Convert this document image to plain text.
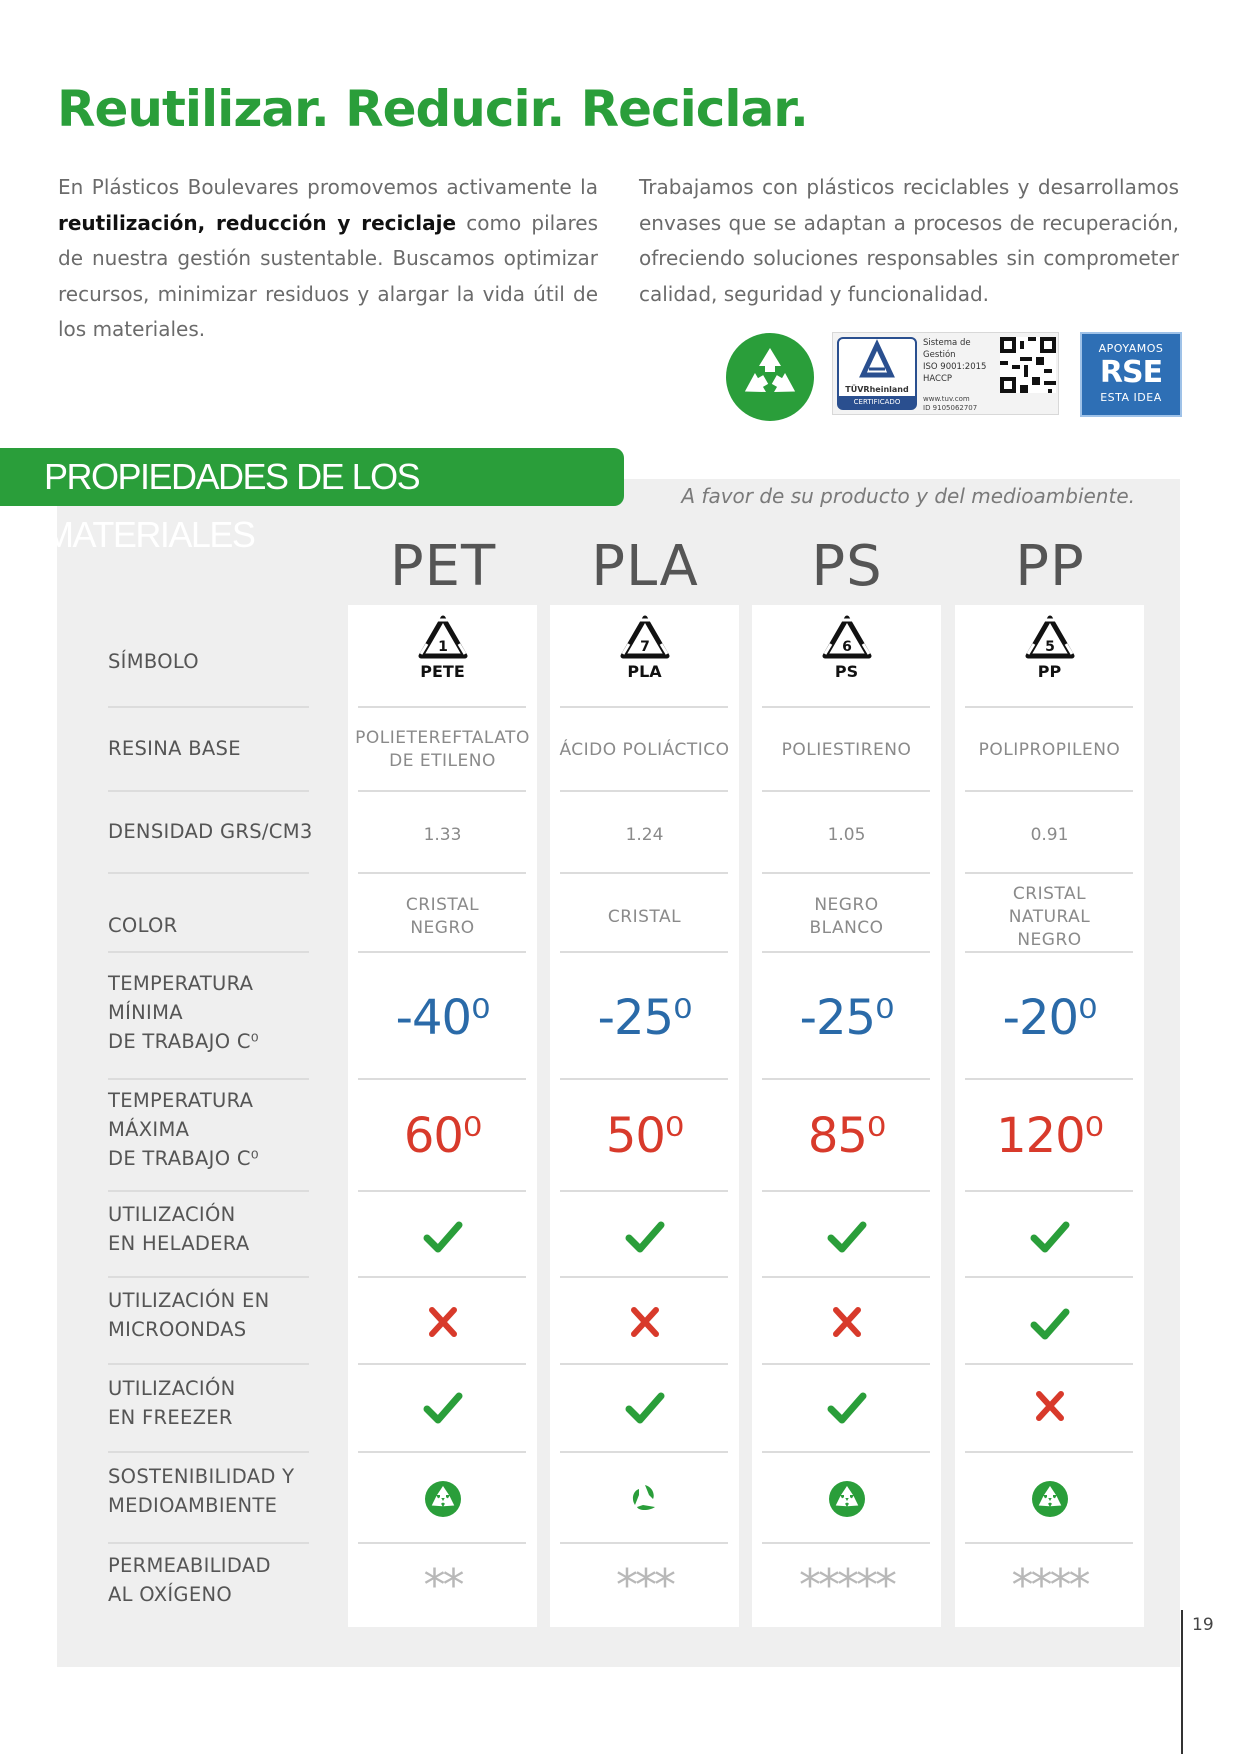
Reutilizar. Reducir. Reciclar.
En Plásticos Boulevares promovemos activamente la reutilización, reducción y reciclaje como pilares de nuestra gestión sustentable. Buscamos optimizar recursos, minimizar residuos y alargar la vida útil de los materiales.
Trabajamos con plásticos reciclables y desarrollamos envases que se adaptan a procesos de recuperación, ofreciendo soluciones responsables sin comprometer calidad, seguridad y funcionalidad.
TÜVRheinland
CERTIFICADO
Sistema de
Gestión
ISO 9001:2015
HACCP
www.tuv.com
ID 9105062707
APOYAMOS
RSE
ESTA IDEA
PROPIEDADES DE LOS MATERIALES
A favor de su producto y del medioambiente.
SÍMBOLO
RESINA BASE
DENSIDAD GRS/CM3
COLOR
TEMPERATURA
MÍNIMA
DE TRABAJO C⁰
TEMPERATURA
MÁXIMA
DE TRABAJO C⁰
UTILIZACIÓN
EN HELADERA
UTILIZACIÓN EN
MICROONDAS
UTILIZACIÓN
EN FREEZER
SOSTENIBILIDAD Y
MEDIOAMBIENTE
PERMEABILIDAD
AL OXÍGENO
PET
1
PETE
POLIETEREFTALATO
DE ETILENO
1.33
CRISTAL
NEGRO
-40⁰
60⁰
**
PLA
7
PLA
ÁCIDO POLIÁCTICO
1.24
CRISTAL
-25⁰
50⁰
***
PS
6
PS
POLIESTIRENO
1.05
NEGRO
BLANCO
-25⁰
85⁰
*****
PP
5
PP
POLIPROPILENO
0.91
CRISTAL
NATURAL
NEGRO
-20⁰
120⁰
****
19
